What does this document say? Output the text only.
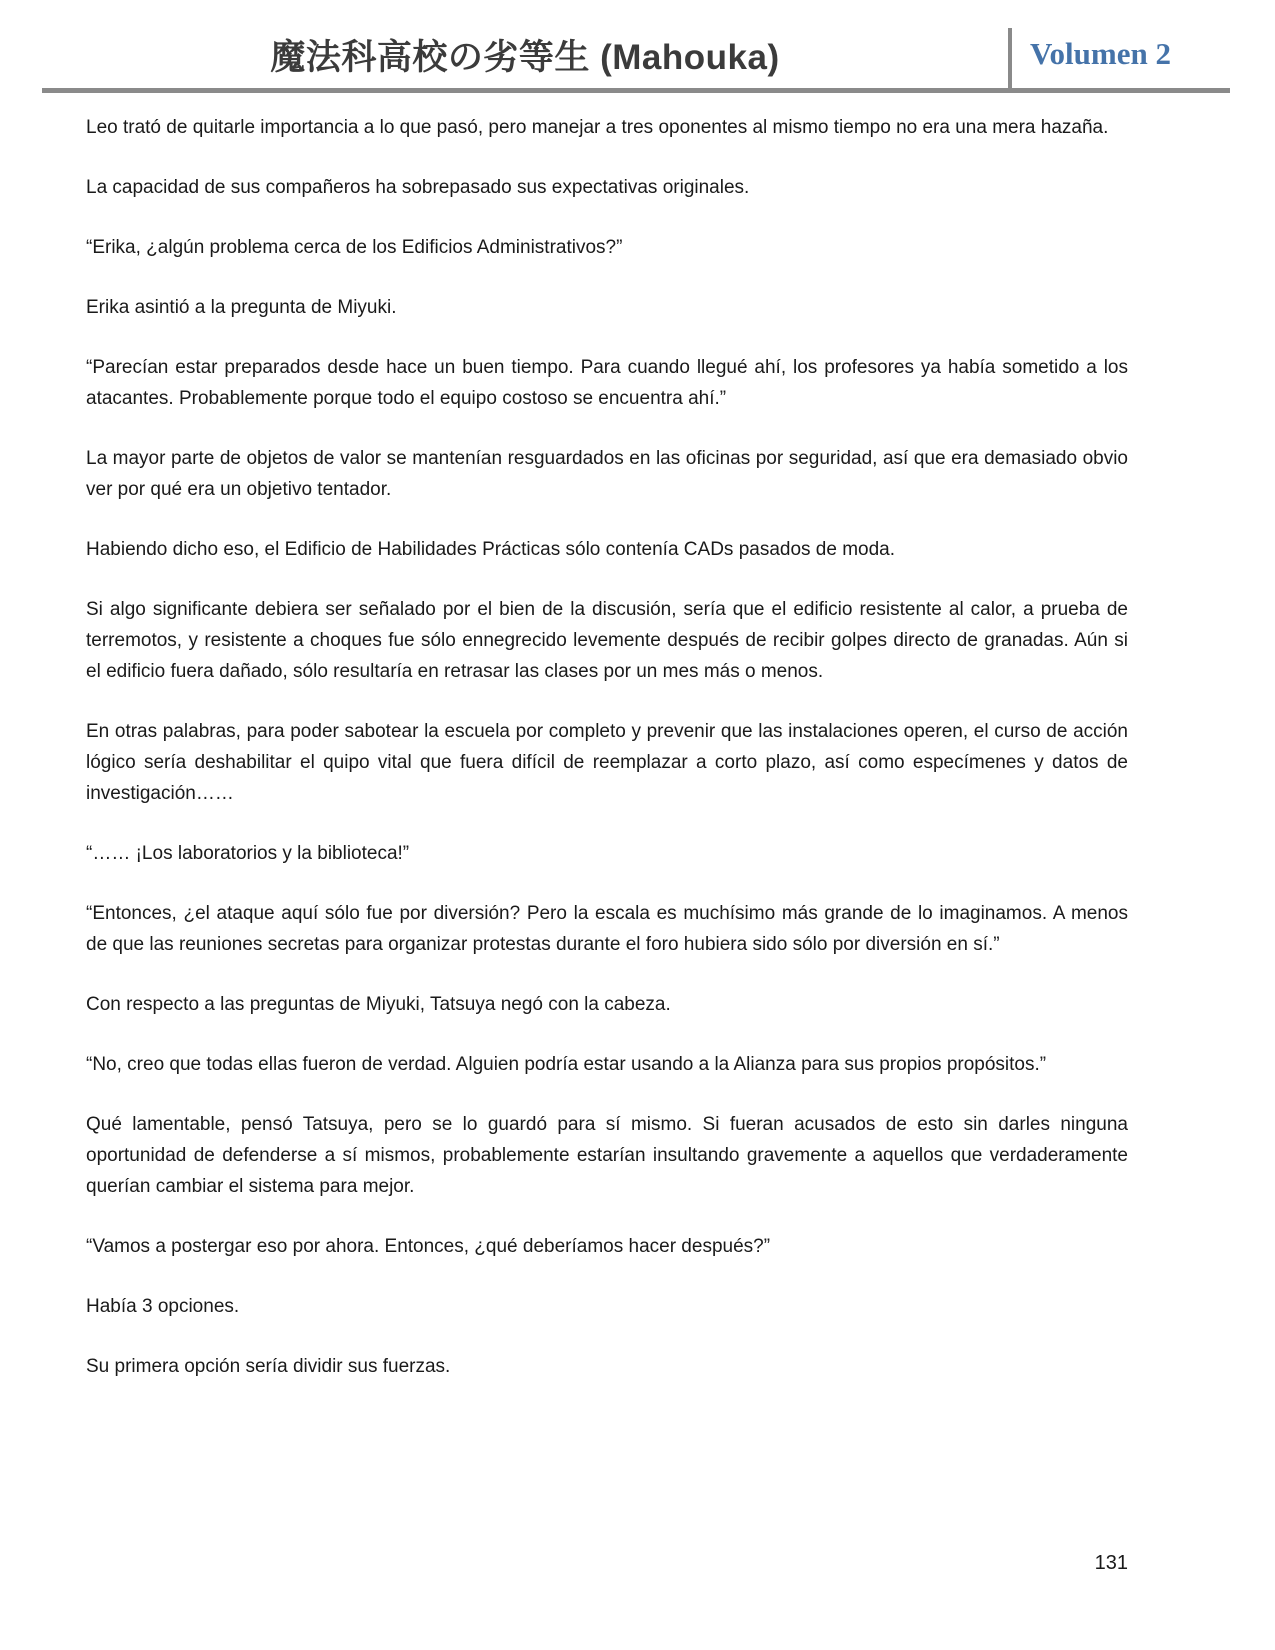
魔法科高校の劣等生 (Mahouka)	Volumen 2

Leo trató de quitarle importancia a lo que pasó, pero manejar a tres oponentes al mismo tiempo no era una mera hazaña.

La capacidad de sus compañeros ha sobrepasado sus expectativas originales.

“Erika, ¿algún problema cerca de los Edificios Administrativos?”

Erika asintió a la pregunta de Miyuki.

“Parecían estar preparados desde hace un buen tiempo. Para cuando llegué ahí, los profesores ya había sometido a los atacantes. Probablemente porque todo el equipo costoso se encuentra ahí.”

La mayor parte de objetos de valor se mantenían resguardados en las oficinas por seguridad, así que era demasiado obvio ver por qué era un objetivo tentador.

Habiendo dicho eso, el Edificio de Habilidades Prácticas sólo contenía CADs pasados de moda.

Si algo significante debiera ser señalado por el bien de la discusión, sería que el edificio resistente al calor, a prueba de terremotos, y resistente a choques fue sólo ennegrecido levemente después de recibir golpes directo de granadas. Aún si el edificio fuera dañado, sólo resultaría en retrasar las clases por un mes más o menos.

En otras palabras, para poder sabotear la escuela por completo y prevenir que las instalaciones operen, el curso de acción lógico sería deshabilitar el quipo vital que fuera difícil de reemplazar a corto plazo, así como especímenes y datos de investigación……

“…… ¡Los laboratorios y la biblioteca!”

“Entonces, ¿el ataque aquí sólo fue por diversión? Pero la escala es muchísimo más grande de lo imaginamos. A menos de que las reuniones secretas para organizar protestas durante el foro hubiera sido sólo por diversión en sí.”

Con respecto a las preguntas de Miyuki, Tatsuya negó con la cabeza.

“No, creo que todas ellas fueron de verdad. Alguien podría estar usando a la Alianza para sus propios propósitos.”

Qué lamentable, pensó Tatsuya, pero se lo guardó para sí mismo. Si fueran acusados de esto sin darles ninguna oportunidad de defenderse a sí mismos, probablemente estarían insultando gravemente a aquellos que verdaderamente querían cambiar el sistema para mejor.

“Vamos a postergar eso por ahora. Entonces, ¿qué deberíamos hacer después?”

Había 3 opciones.

Su primera opción sería dividir sus fuerzas.

131
